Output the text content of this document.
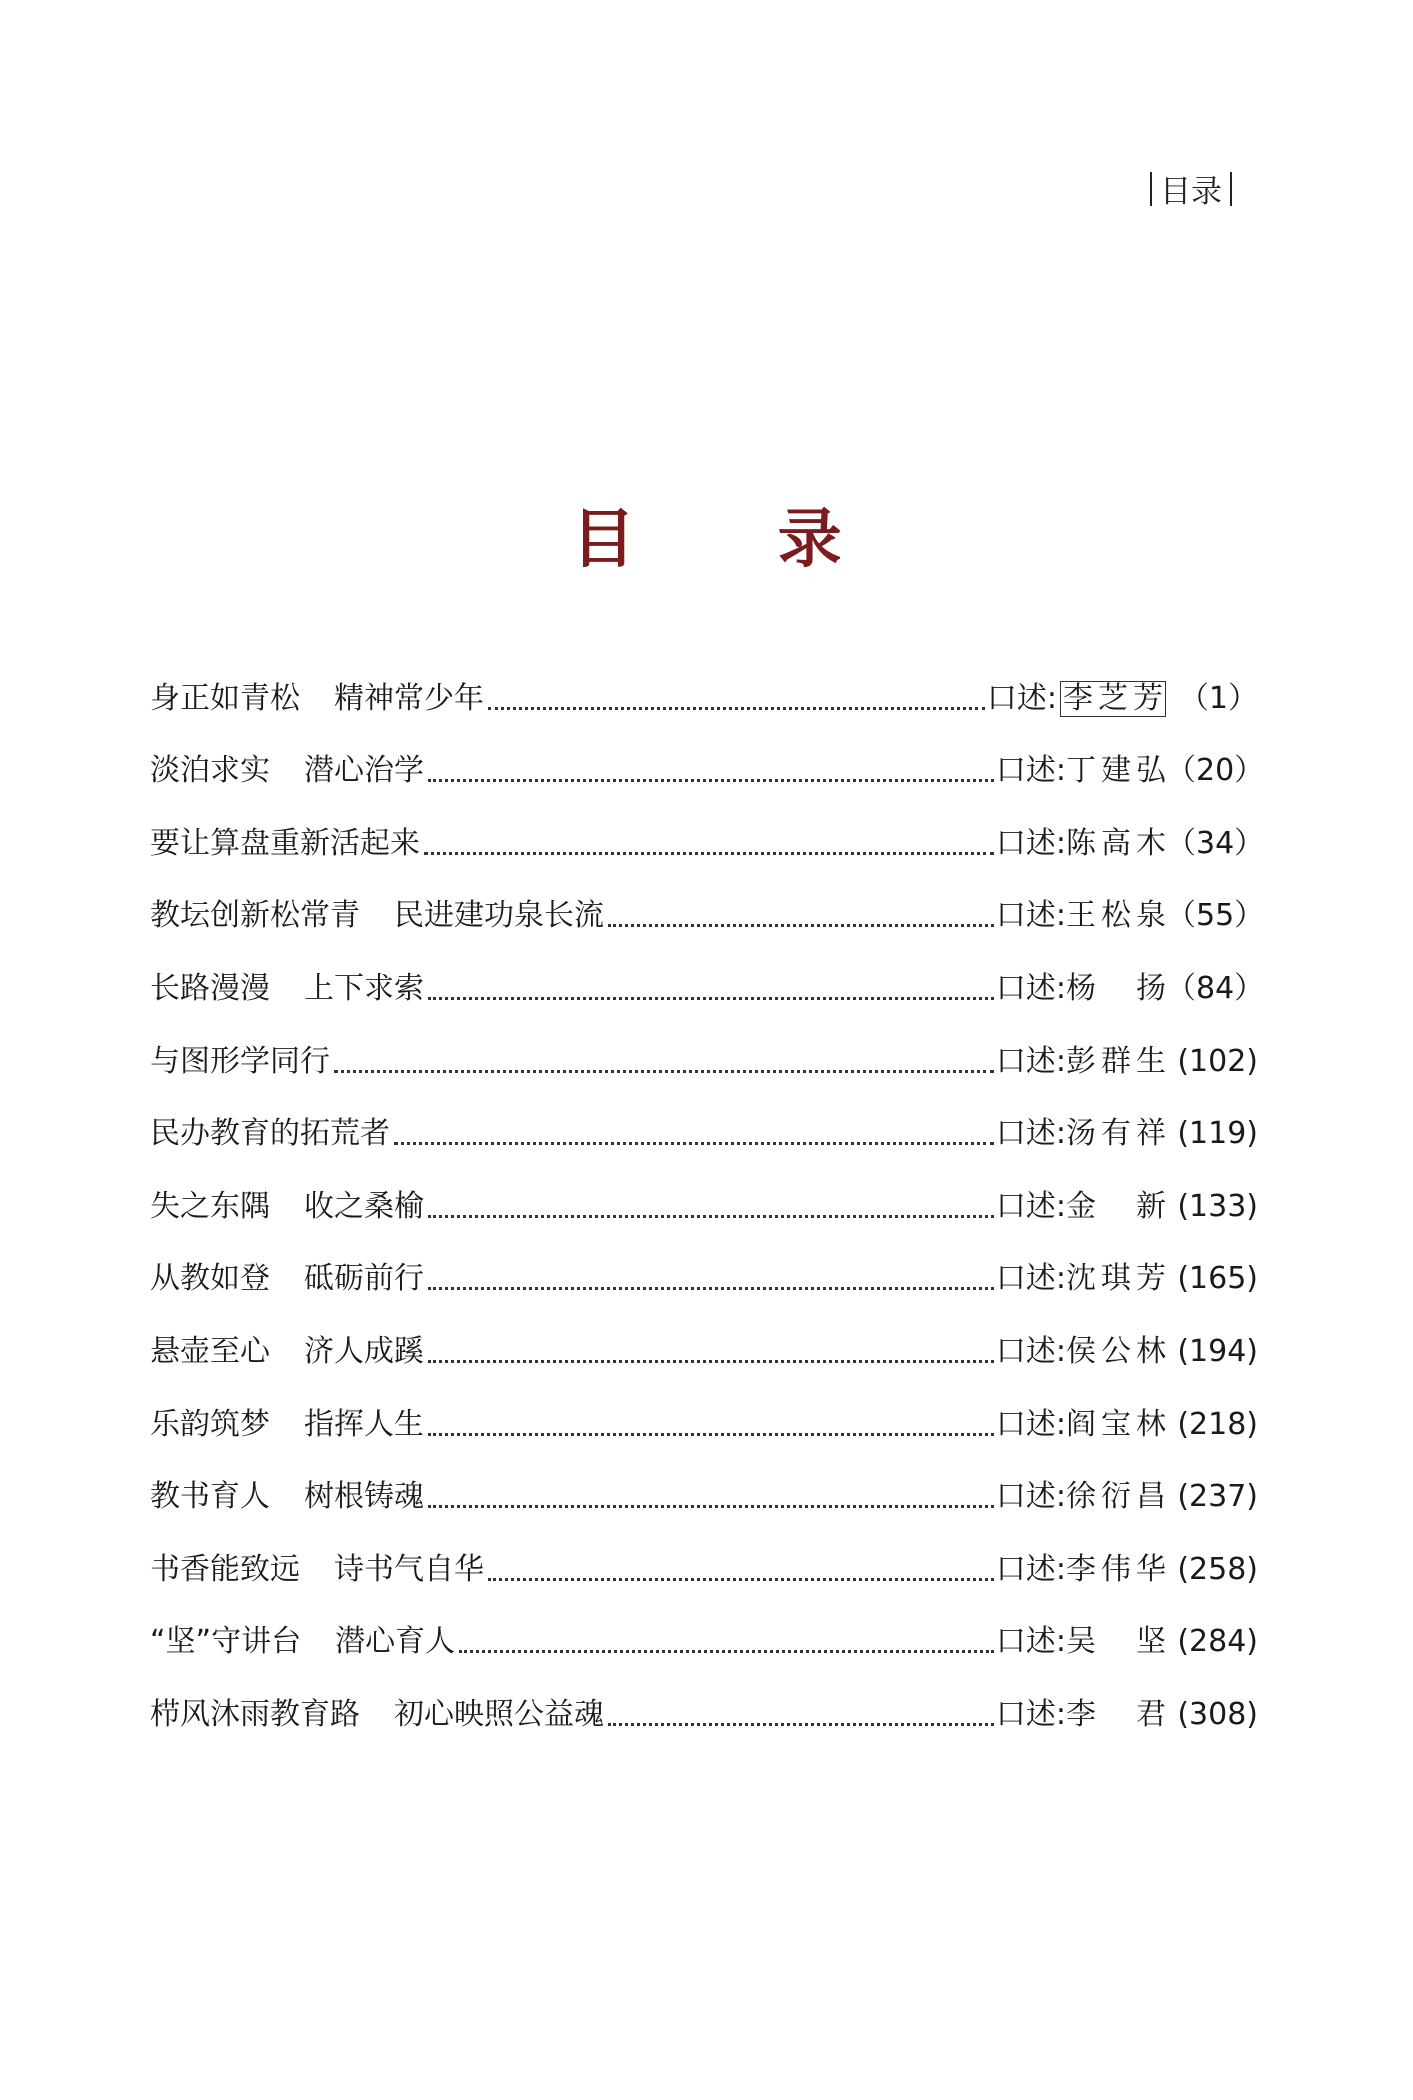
目录
目 录
身正如青松 精神常少年	口述: 李芝芳 （1）
淡泊求实 潜心治学	口述: 丁建弘 （20）
要让算盘重新活起来	口述: 陈高木 （34）
教坛创新松常青 民进建功泉长流	口述: 王松泉 （55）
长路漫漫 上下求索	口述: 杨　扬 （84）
与图形学同行	口述: 彭群生 (102)
民办教育的拓荒者	口述: 汤有祥 (119)
失之东隅 收之桑榆	口述: 金　新 (133)
从教如登 砥砺前行	口述: 沈琪芳 (165)
悬壶至心 济人成蹊	口述: 侯公林 (194)
乐韵筑梦 指挥人生	口述: 阎宝林 (218)
教书育人 树根铸魂	口述: 徐衍昌 (237)
书香能致远 诗书气自华	口述: 李伟华 (258)
“坚”守讲台 潜心育人	口述: 吴　坚 (284)
栉风沐雨教育路 初心映照公益魂	口述: 李　君 (308)
